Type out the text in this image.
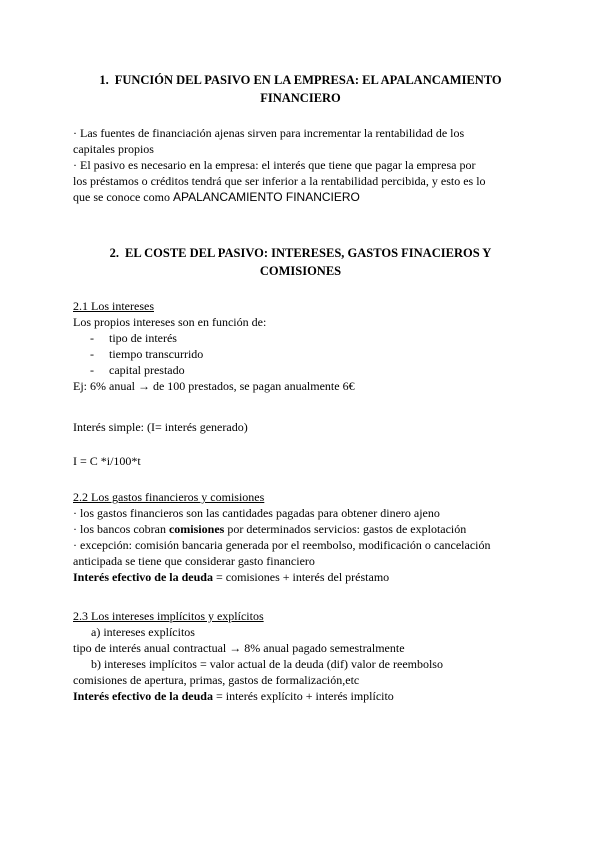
1. FUNCIÓN DEL PASIVO EN LA EMPRESA: EL APALANCAMIENTO
FINANCIERO
· Las fuentes de financiación ajenas sirven para incrementar la rentabilidad de los
capitales propios
· El pasivo es necesario en la empresa: el interés que tiene que pagar la empresa por
los préstamos o créditos tendrá que ser inferior a la rentabilidad percibida, y esto es lo
que se conoce como APALANCAMIENTO FINANCIERO
2. EL COSTE DEL PASIVO: INTERESES, GASTOS FINACIEROS Y
COMISIONES
2.1 Los intereses
Los propios intereses son en función de:
- tipo de interés
- tiempo transcurrido
- capital prestado
Ej: 6% anual → de 100 prestados, se pagan anualmente 6€
Interés simple: (I= interés generado)
I = C *i/100*t
2.2 Los gastos financieros y comisiones
· los gastos financieros son las cantidades pagadas para obtener dinero ajeno
· los bancos cobran comisiones por determinados servicios: gastos de explotación
· excepción: comisión bancaria generada por el reembolso, modificación o cancelación
anticipada se tiene que considerar gasto financiero
Interés efectivo de la deuda = comisiones + interés del préstamo
2.3 Los intereses implícitos y explícitos
a) intereses explícitos
tipo de interés anual contractual → 8% anual pagado semestralmente
b) intereses implícitos = valor actual de la deuda (dif) valor de reembolso
comisiones de apertura, primas, gastos de formalización,etc
Interés efectivo de la deuda = interés explícito + interés implícito
